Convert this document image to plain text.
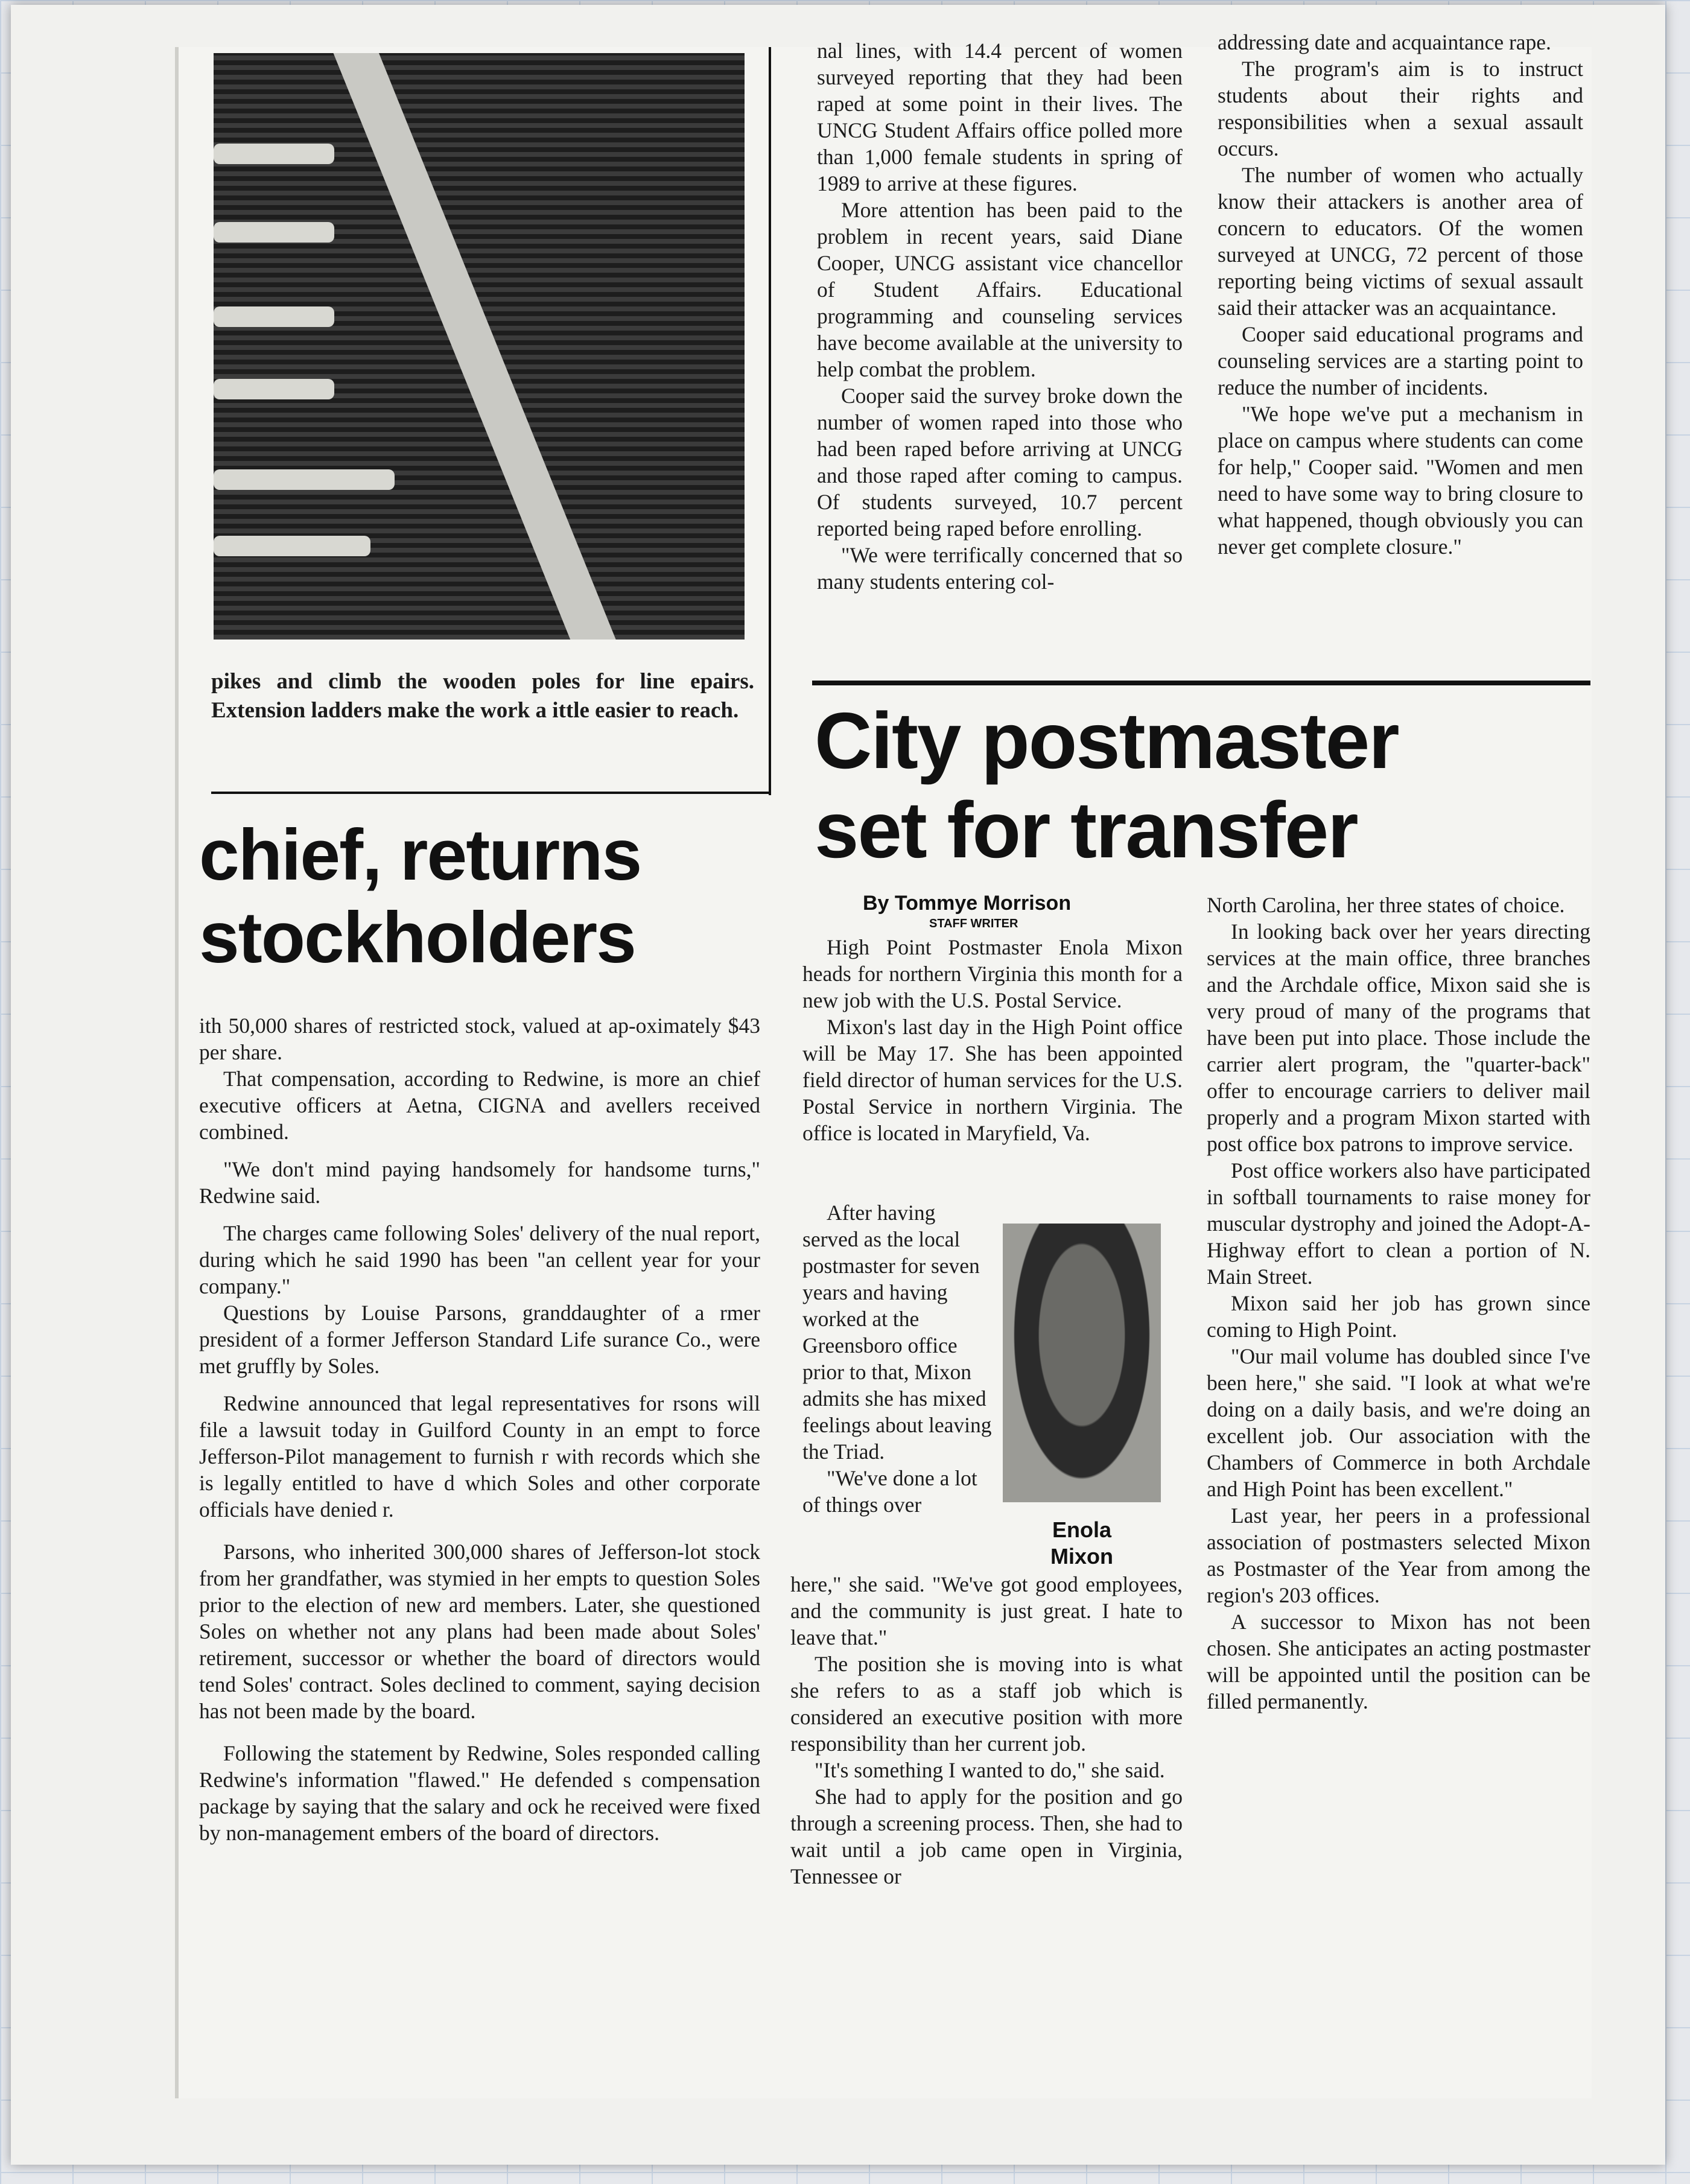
pikes and climb the wooden poles for line epairs. Extension ladders make the work a ittle easier to reach.
chief, returns
stockholders

ith 50,000 shares of restricted stock, valued at ap-oximately $43 per share.

That compensation, according to Redwine, is more an chief executive officers at Aetna, CIGNA and avellers received combined.

"We don't mind paying handsomely for handsome turns," Redwine said.

The charges came following Soles' delivery of the nual report, during which he said 1990 has been "an cellent year for your company."

Questions by Louise Parsons, granddaughter of a rmer president of a former Jefferson Standard Life surance Co., were met gruffly by Soles.

Redwine announced that legal representatives for rsons will file a lawsuit today in Guilford County in an empt to force Jefferson-Pilot management to furnish r with records which she is legally entitled to have d which Soles and other corporate officials have denied r.

Parsons, who inherited 300,000 shares of Jefferson-lot stock from her grandfather, was stymied in her empts to question Soles prior to the election of new ard members. Later, she questioned Soles on whether not any plans had been made about Soles' retirement, successor or whether the board of directors would tend Soles' contract. Soles declined to comment, saying decision has not been made by the board.

Following the statement by Redwine, Soles responded calling Redwine's information "flawed." He defended s compensation package by saying that the salary and ock he received were fixed by non-management embers of the board of directors.

nal lines, with 14.4 percent of women surveyed reporting that they had been raped at some point in their lives. The UNCG Student Affairs office polled more than 1,000 female students in spring of 1989 to arrive at these figures.

More attention has been paid to the problem in recent years, said Diane Cooper, UNCG assistant vice chancellor of Student Affairs. Educational programming and counseling services have become available at the university to help combat the problem.

Cooper said the survey broke down the number of women raped into those who had been raped before arriving at UNCG and those raped after coming to campus. Of students surveyed, 10.7 percent reported being raped before enrolling.

"We were terrifically concerned that so many students entering col-

addressing date and acquaintance rape.

The program's aim is to instruct students about their rights and responsibilities when a sexual assault occurs.

The number of women who actually know their attackers is another area of concern to educators. Of the women surveyed at UNCG, 72 percent of those reporting being victims of sexual assault said their attacker was an acquaintance.

Cooper said educational programs and counseling services are a starting point to reduce the number of incidents.

"We hope we've put a mechanism in place on campus where students can come for help," Cooper said. "Women and men need to have some way to bring closure to what happened, though obviously you can never get complete closure."

City postmaster
set for transfer
By Tommye Morrison
STAFF WRITER

High Point Postmaster Enola Mixon heads for northern Virginia this month for a new job with the U.S. Postal Service.

Mixon's last day in the High Point office will be May 17. She has been appointed field director of human services for the U.S. Postal Service in northern Virginia. The office is located in Maryfield, Va.

After having served as the local postmaster for seven years and having worked at the Greensboro office prior to that, Mixon admits she has mixed feelings about leaving the Triad.

"We've done a lot of things over

Enola
Mixon

here," she said. "We've got good employees, and the community is just great. I hate to leave that."

The position she is moving into is what she refers to as a staff job which is considered an executive position with more responsibility than her current job.

"It's something I wanted to do," she said.

She had to apply for the position and go through a screening process. Then, she had to wait until a job came open in Virginia, Tennessee or

North Carolina, her three states of choice.

In looking back over her years directing services at the main office, three branches and the Archdale office, Mixon said she is very proud of many of the programs that have been put into place. Those include the carrier alert program, the "quarter-back" offer to encourage carriers to deliver mail properly and a program Mixon started with post office box patrons to improve service.

Post office workers also have participated in softball tournaments to raise money for muscular dystrophy and joined the Adopt-A-Highway effort to clean a portion of N. Main Street.

Mixon said her job has grown since coming to High Point.

"Our mail volume has doubled since I've been here," she said. "I look at what we're doing on a daily basis, and we're doing an excellent job. Our association with the Chambers of Commerce in both Archdale and High Point has been excellent."

Last year, her peers in a professional association of postmasters selected Mixon as Postmaster of the Year from among the region's 203 offices.

A successor to Mixon has not been chosen. She anticipates an acting postmaster will be appointed until the position can be filled permanently.
